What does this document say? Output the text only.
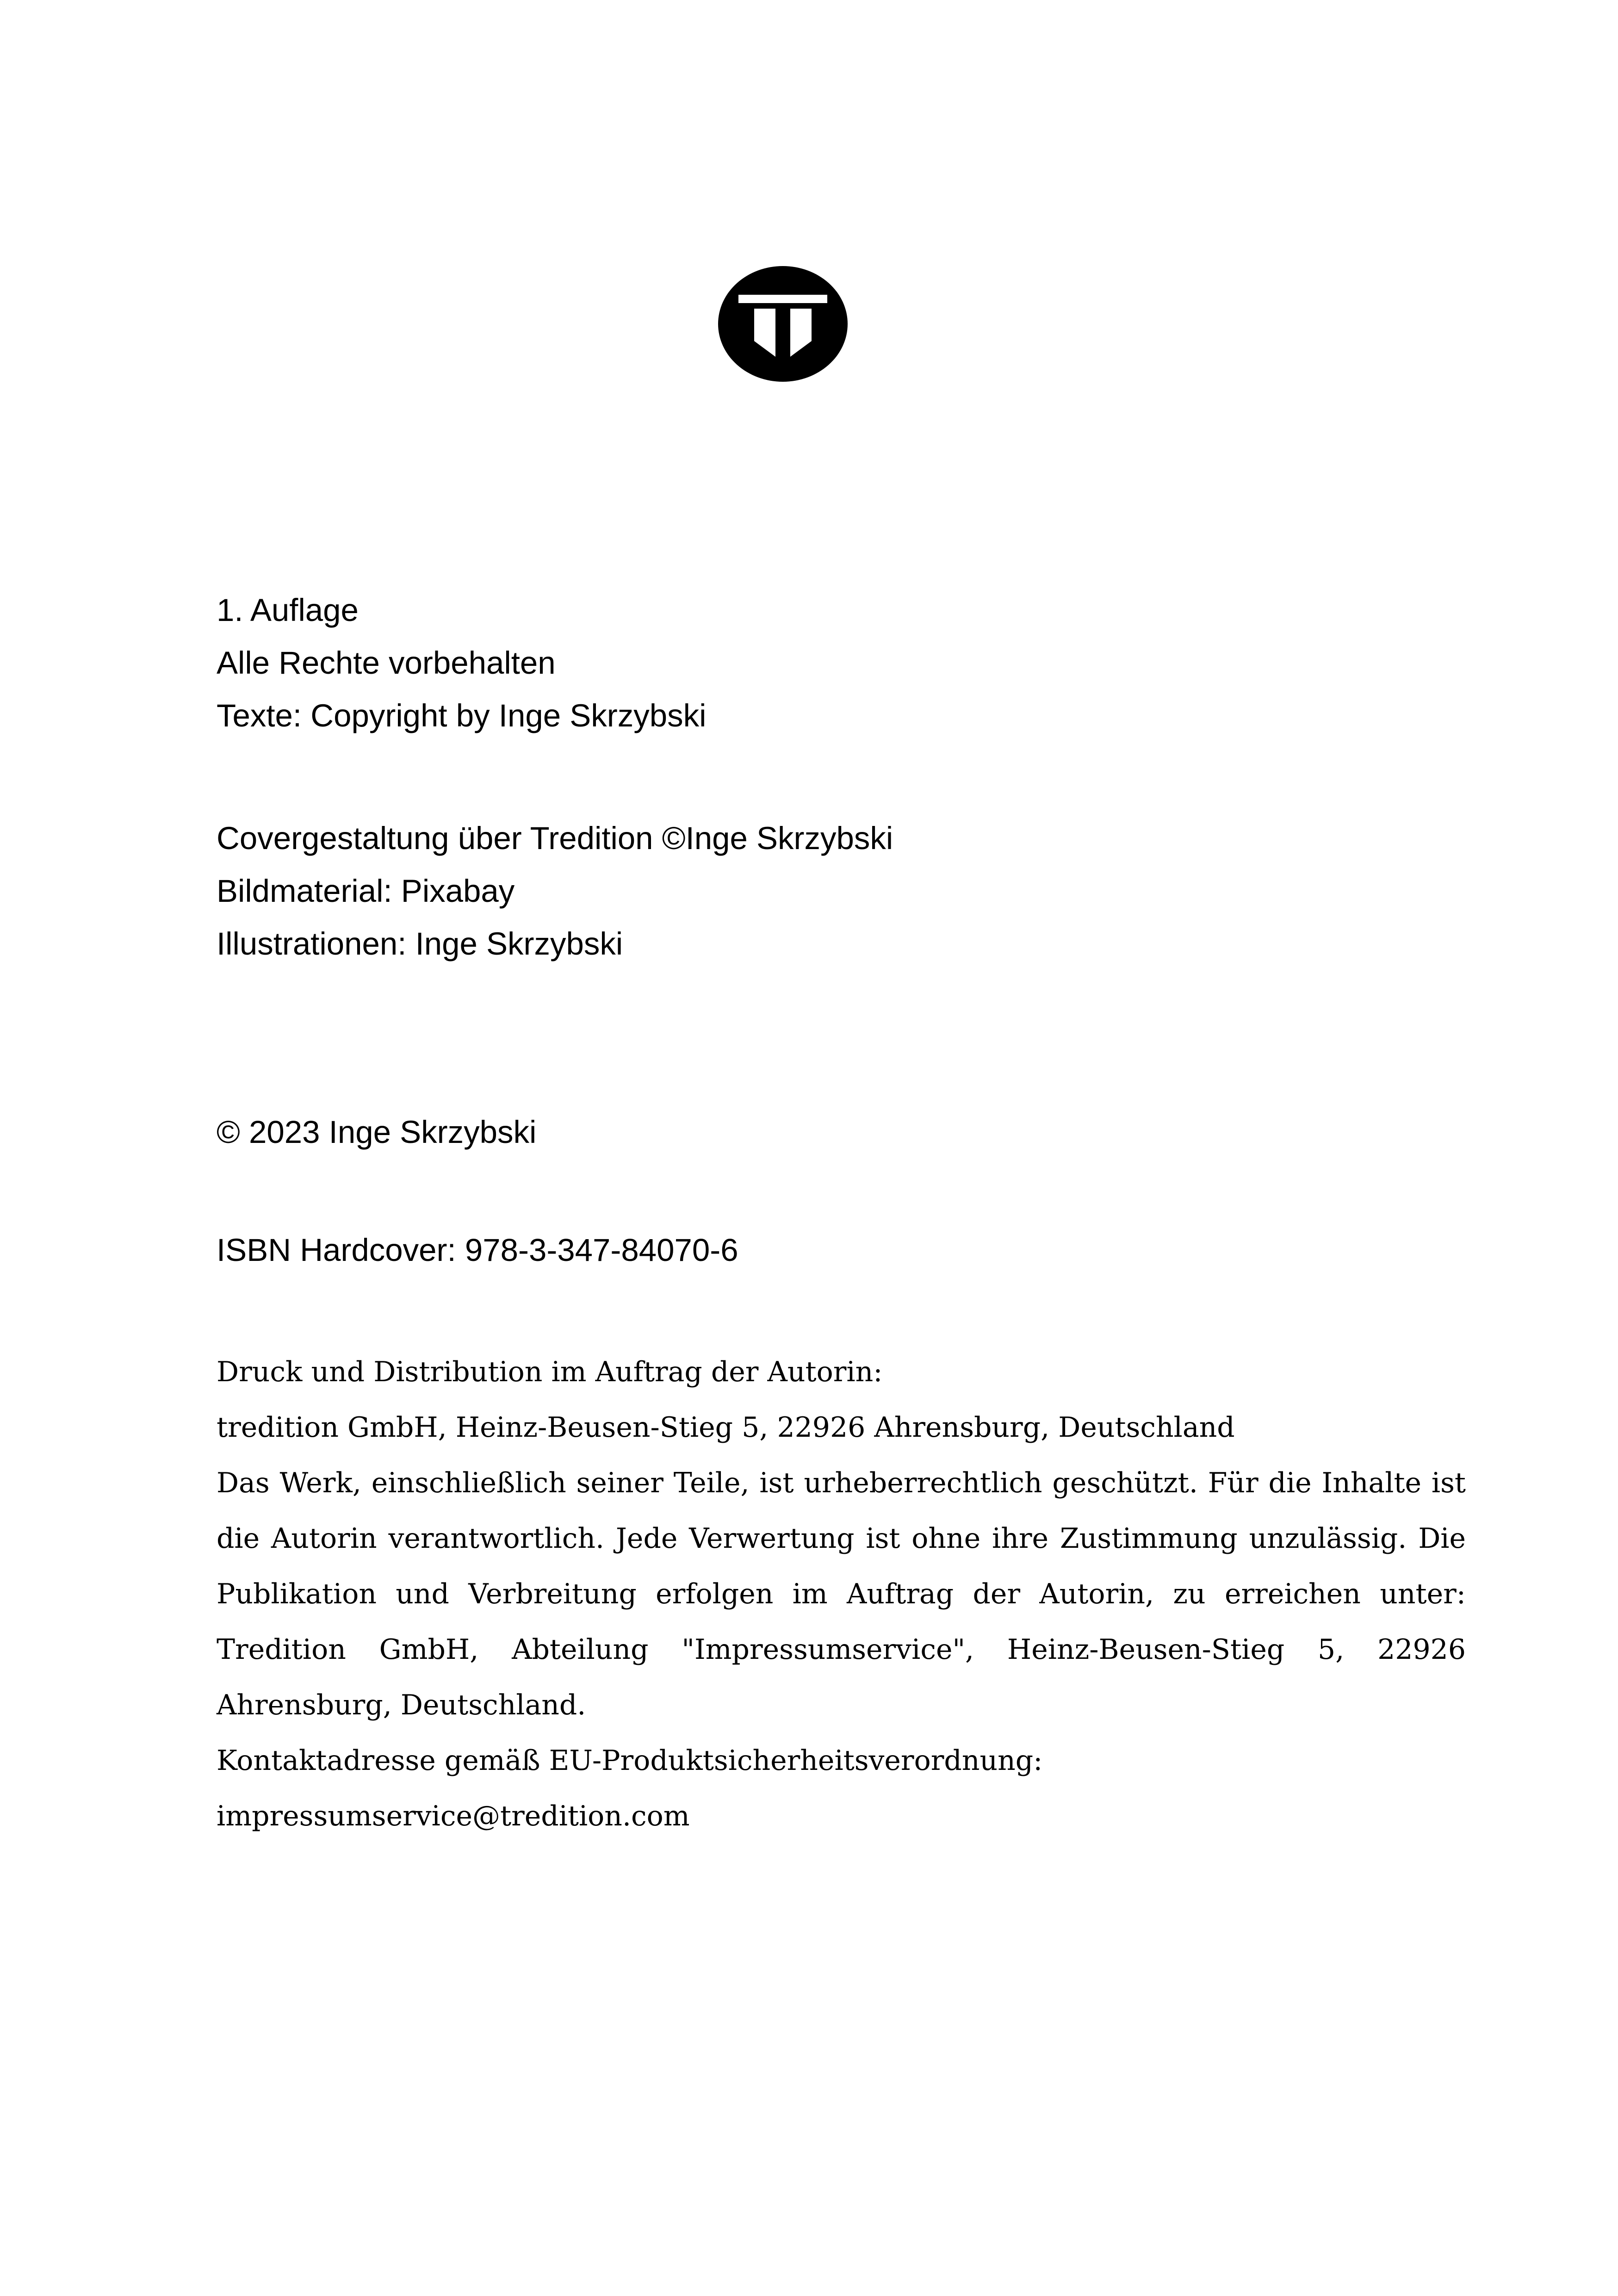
1. Auflage
Alle Rechte vorbehalten
Texte: Copyright by Inge Skrzybski
Covergestaltung über Tredition ©Inge Skrzybski
Bildmaterial: Pixabay
Illustrationen: Inge Skrzybski
© 2023 Inge Skrzybski
ISBN Hardcover: 978-3-347-84070-6
Druck und Distribution im Auftrag der Autorin:
tredition GmbH, Heinz-Beusen-Stieg 5, 22926 Ahrensburg, Deutschland

Das Werk, einschließlich seiner Teile, ist urheberrechtlich geschützt. Für die Inhalte ist die Autorin verantwortlich. Jede Verwertung ist ohne ihre Zustimmung unzulässig. Die Publikation und Verbreitung erfolgen im Auftrag der Autorin, zu erreichen unter: Tredition GmbH, Abteilung "Impressumservice", Heinz-Beusen-Stieg 5, 22926 Ahrensburg, Deutschland.

Kontaktadresse gemäß EU-Produktsicherheitsverordnung:
impressumservice@tredition.com
